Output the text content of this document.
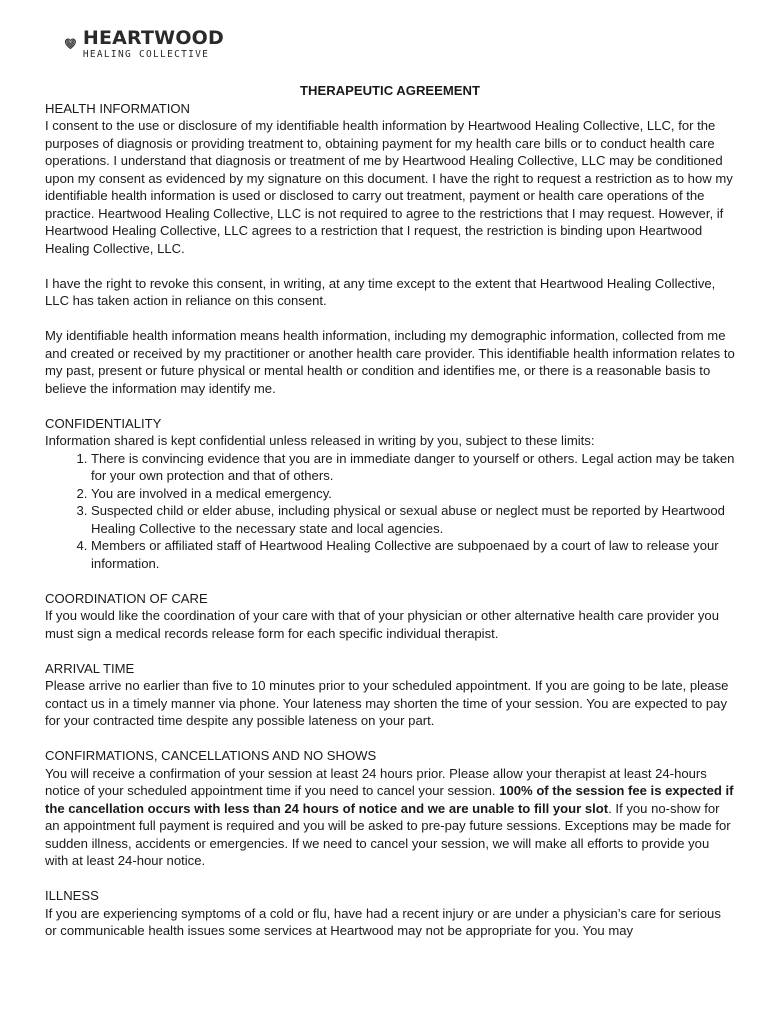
HEARTWOOD
HEALING COLLECTIVE

THERAPEUTIC AGREEMENT

HEALTH INFORMATION

I consent to the use or disclosure of my identifiable health information by Heartwood Healing Collective, LLC, for the purposes of diagnosis or providing treatment to, obtaining payment for my health care bills or to conduct health care operations. I understand that diagnosis or treatment of me by Heartwood Healing Collective, LLC may be conditioned upon my consent as evidenced by my signature on this document. I have the right to request a restriction as to how my identifiable health information is used or disclosed to carry out treatment, payment or health care operations of the practice. Heartwood Healing Collective, LLC is not required to agree to the restrictions that I may request. However, if Heartwood Healing Collective, LLC agrees to a restriction that I request, the restriction is binding upon Heartwood Healing Collective, LLC.

I have the right to revoke this consent, in writing, at any time except to the extent that Heartwood Healing Collective, LLC has taken action in reliance on this consent.

My identifiable health information means health information, including my demographic information, collected from me and created or received by my practitioner or another health care provider. This identifiable health information relates to my past, present or future physical or mental health or condition and identifies me, or there is a reasonable basis to believe the information may identify me.

CONFIDENTIALITY

Information shared is kept confidential unless released in writing by you, subject to these limits:

1. There is convincing evidence that you are in immediate danger to yourself or others. Legal action may be taken for your own protection and that of others.
2. You are involved in a medical emergency.
3. Suspected child or elder abuse, including physical or sexual abuse or neglect must be reported by Heartwood Healing Collective to the necessary state and local agencies.
4. Members or affiliated staff of Heartwood Healing Collective are subpoenaed by a court of law to release your information.

COORDINATION OF CARE

If you would like the coordination of your care with that of your physician or other alternative health care provider you must sign a medical records release form for each specific individual therapist.

ARRIVAL TIME

Please arrive no earlier than five to 10 minutes prior to your scheduled appointment. If you are going to be late, please contact us in a timely manner via phone. Your lateness may shorten the time of your session. You are expected to pay for your contracted time despite any possible lateness on your part.

CONFIRMATIONS, CANCELLATIONS AND NO SHOWS

You will receive a confirmation of your session at least 24 hours prior. Please allow your therapist at least 24-hours notice of your scheduled appointment time if you need to cancel your session. 100% of the session fee is expected if the cancellation occurs with less than 24 hours of notice and we are unable to fill your slot. If you no-show for an appointment full payment is required and you will be asked to pre-pay future sessions. Exceptions may be made for sudden illness, accidents or emergencies. If we need to cancel your session, we will make all efforts to provide you with at least 24-hour notice.

ILLNESS

If you are experiencing symptoms of a cold or flu, have had a recent injury or are under a physician’s care for serious or communicable health issues some services at Heartwood may not be appropriate for you. You may
